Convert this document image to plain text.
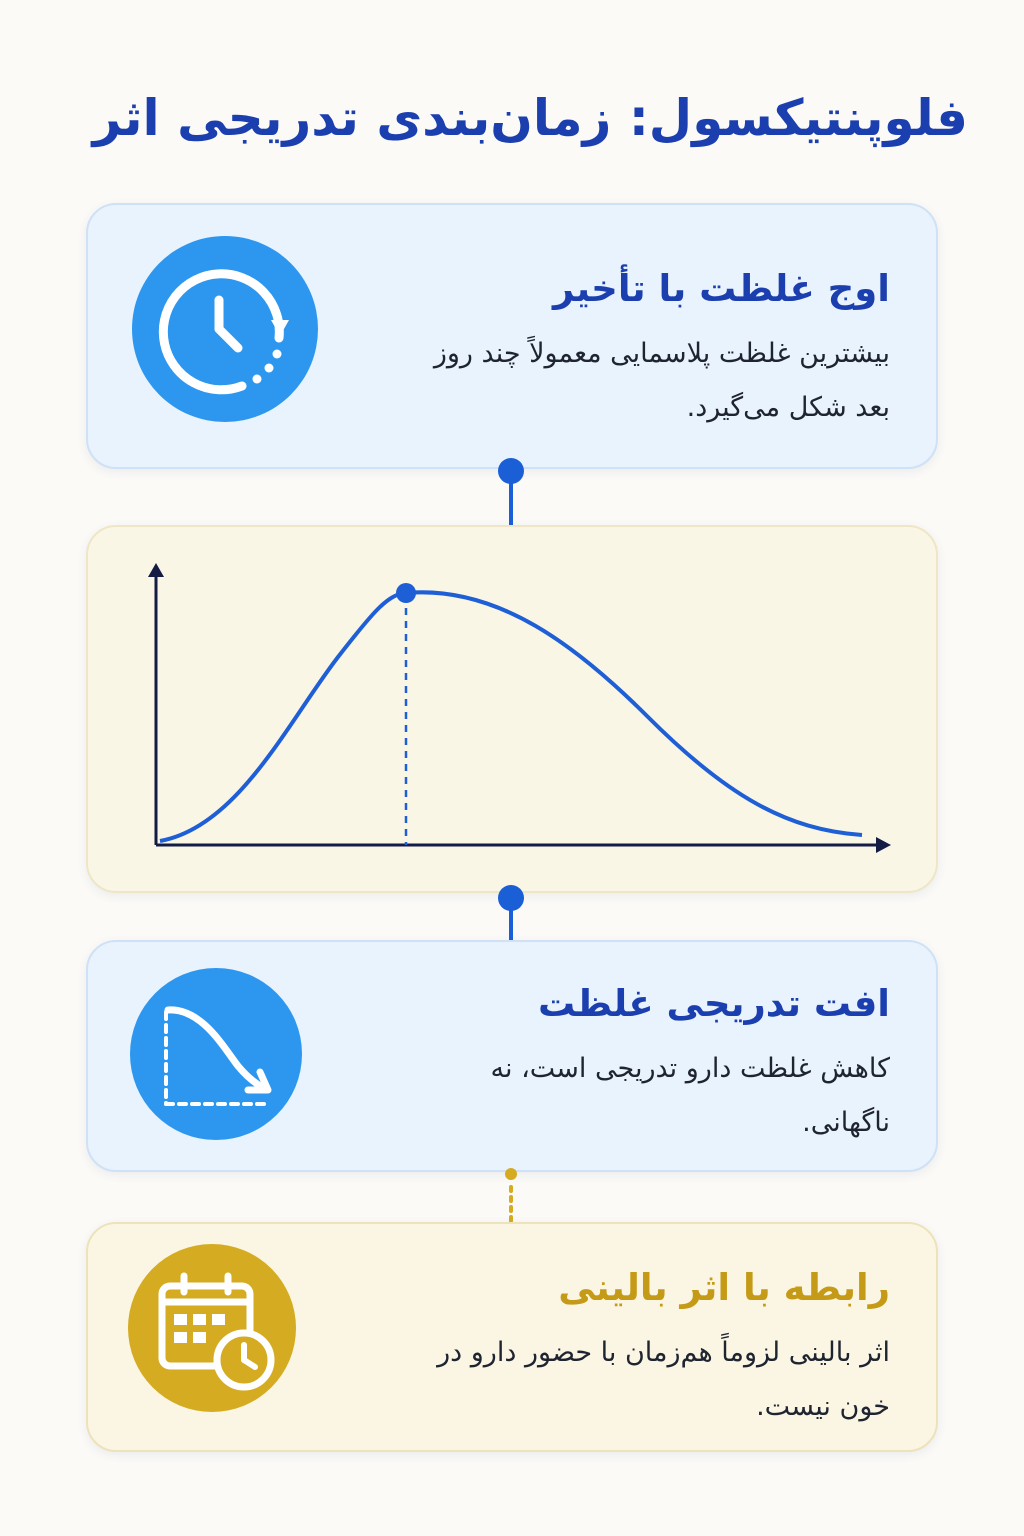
فلوپنتیکسول: زمان‌بندی تدریجی اثر
اوج غلظت با تأخیر

بیشترین غلظت پلاسمایی معمولاً چند روز بعد شکل می‌گیرد.

افت تدریجی غلظت

کاهش غلظت دارو تدریجی است، نه ناگهانی.

رابطه با اثر بالینی

اثر بالینی لزوماً هم‌زمان با حضور دارو در خون نیست.
